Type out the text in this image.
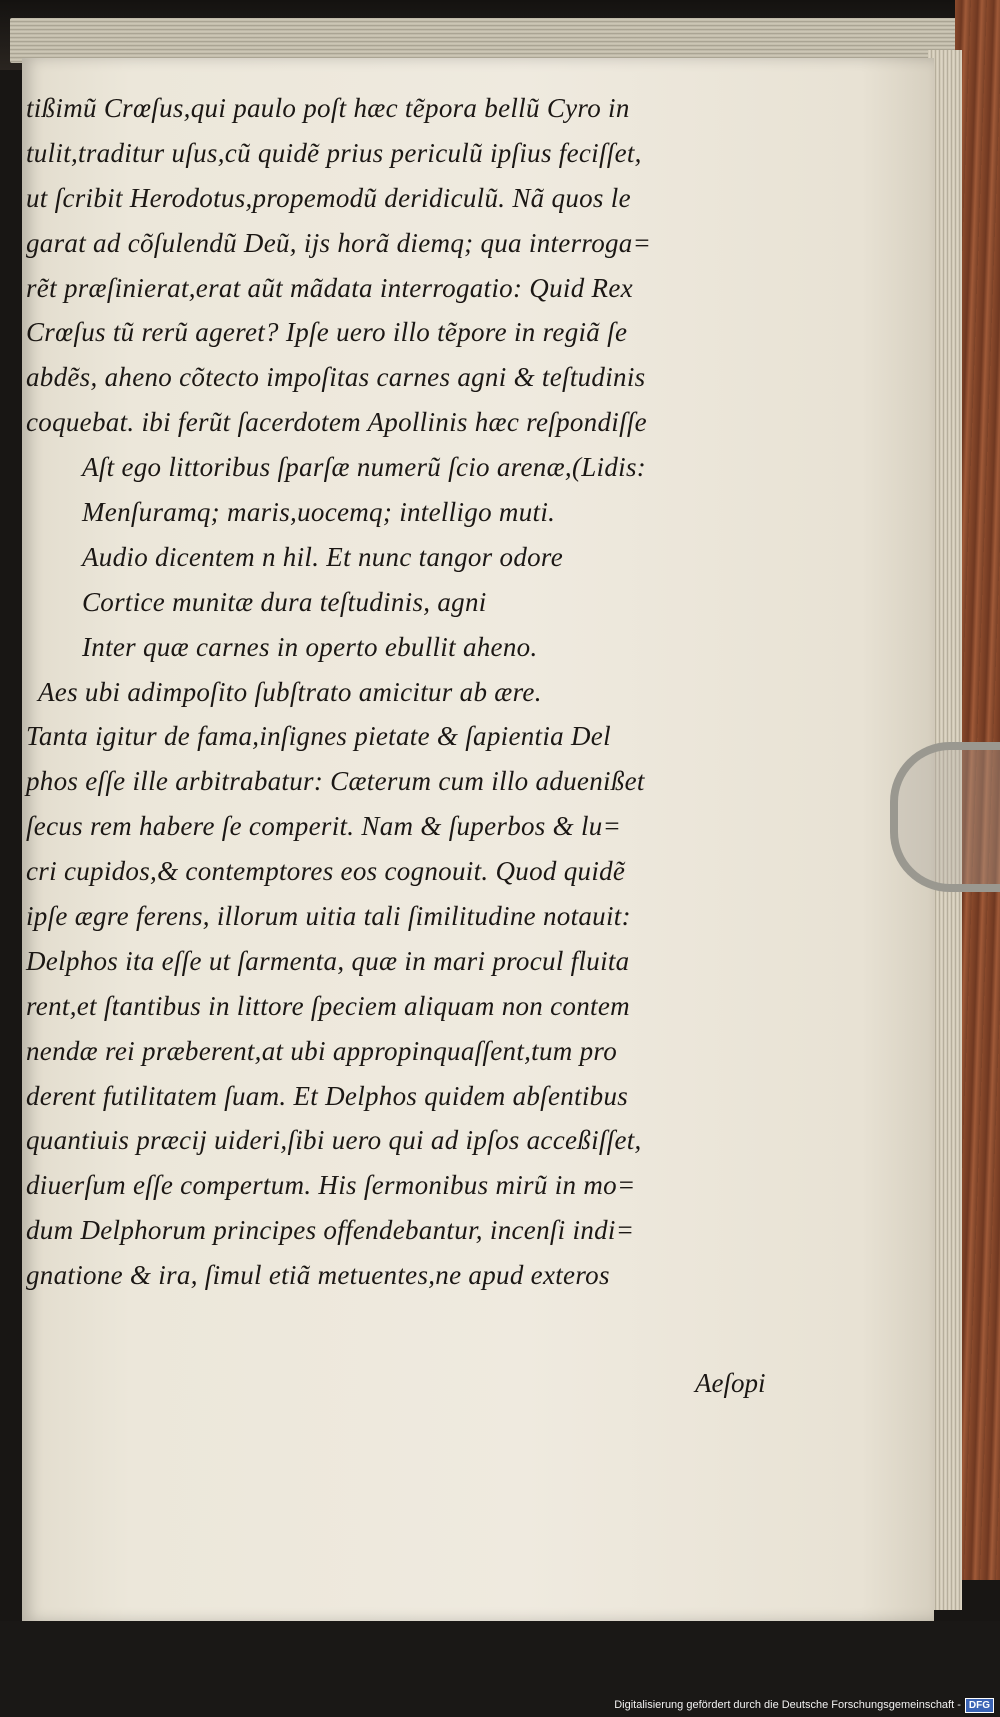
tißimũ Crœſus,qui paulo poſt hæc tẽpora bellũ Cyro in
tulit,traditur uſus,cũ quidẽ prius periculũ ipſius feciſſet,
ut ſcribit Herodotus,propemodũ deridiculũ. Nã quos le
garat ad cõſulendũ Deũ, ijs horã diemq; qua interroga=
rẽt præſinierat,erat aũt mãdata interrogatio: Quid Rex
Crœſus tũ rerũ ageret? Ipſe uero illo tẽpore in regiã ſe
abdẽs, aheno cõtecto impoſitas carnes agni & teſtudinis
coquebat. ibi ferũt ſacerdotem Apollinis hæc reſpondiſſe
Aſt ego littoribus ſparſæ numerũ ſcio arenæ,(Lidis:
Menſuramq; maris,uocemq; intelligo muti.
Audio dicentem n hil. Et nunc tangor odore
Cortice munitæ dura teſtudinis, agni
Inter quæ carnes in operto ebullit aheno.
Aes ubi adimpoſito ſubſtrato amicitur ab ære.
Tanta igitur de fama,inſignes pietate & ſapientia Del
phos eſſe ille arbitrabatur: Cæterum cum illo aduenißet
ſecus rem habere ſe comperit. Nam & ſuperbos & lu=
cri cupidos,& contemptores eos cognouit. Quod quidẽ
ipſe ægre ferens, illorum uitia tali ſimilitudine notauit:
Delphos ita eſſe ut ſarmenta, quæ in mari procul fluita
rent,et ſtantibus in littore ſpeciem aliquam non contem
nendæ rei præberent,at ubi appropinquaſſent,tum pro
derent futilitatem ſuam. Et Delphos quidem abſentibus
quantiuis præcij uideri,ſibi uero qui ad ipſos acceßiſſet,
diuerſum eſſe compertum. His ſermonibus mirũ in mo=
dum Delphorum principes offendebantur, incenſi indi=
gnatione & ira, ſimul etiã metuentes,ne apud exteros
Aeſopi
Digitalisierung gefördert durch die Deutsche Forschungsgemeinschaft - DFG
